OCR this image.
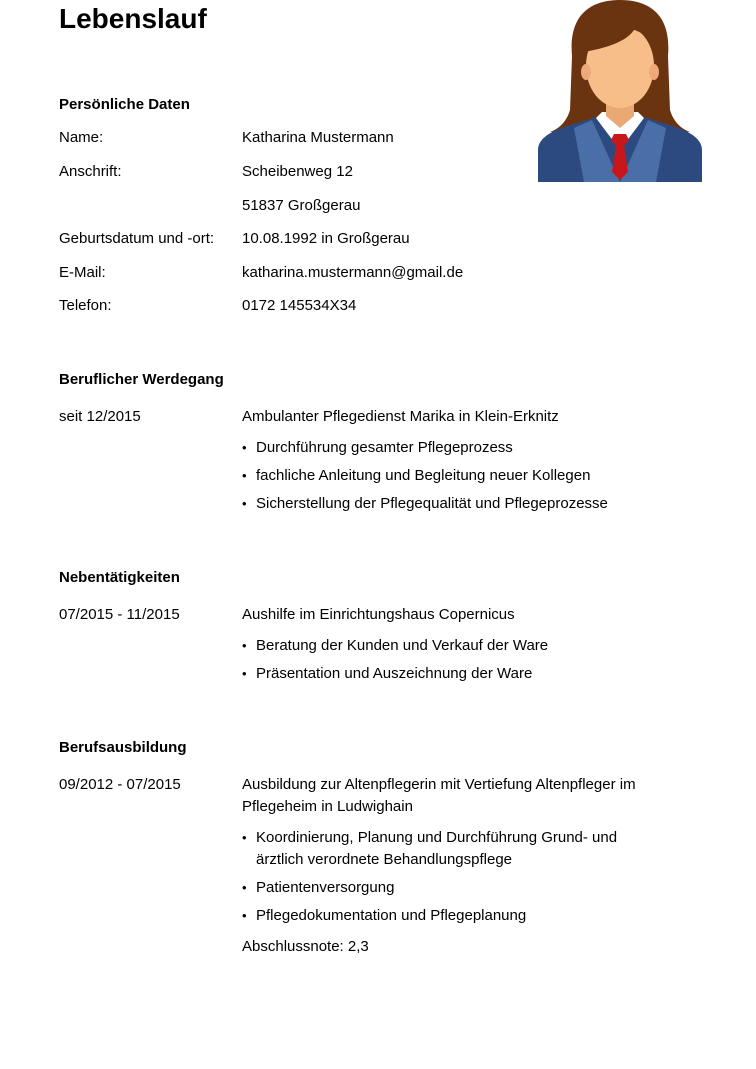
Lebenslauf
Persönliche Daten
Name:	Katharina Mustermann
Anschrift:	Scheibenweg 12
51837 Großgerau
Geburtsdatum und -ort: 10.08.1992 in Großgerau
E-Mail:	katharina.mustermann@gmail.de
Telefon:	0172 145534X34
Beruflicher Werdegang
seit 12/2015	Ambulanter Pflegedienst Marika in Klein-Erknitz

• Durchführung gesamter Pflegeprozess
• fachliche Anleitung und Begleitung neuer Kollegen
• Sicherstellung der Pflegequalität und Pflegeprozesse
Nebentätigkeiten
07/2015 - 11/2015	Aushilfe im Einrichtungshaus Copernicus

• Beratung der Kunden und Verkauf der Ware
• Präsentation und Auszeichnung der Ware
Berufsausbildung
09/2012 - 07/2015	Ausbildung zur Altenpflegerin mit Vertiefung Altenpfleger im Pflegeheim in Ludwighain

• Koordinierung, Planung und Durchführung Grund- und ärztlich verordnete Behandlungspflege
• Patientenversorgung
• Pflegedokumentation und Pflegeplanung
Abschlussnote: 2,3
